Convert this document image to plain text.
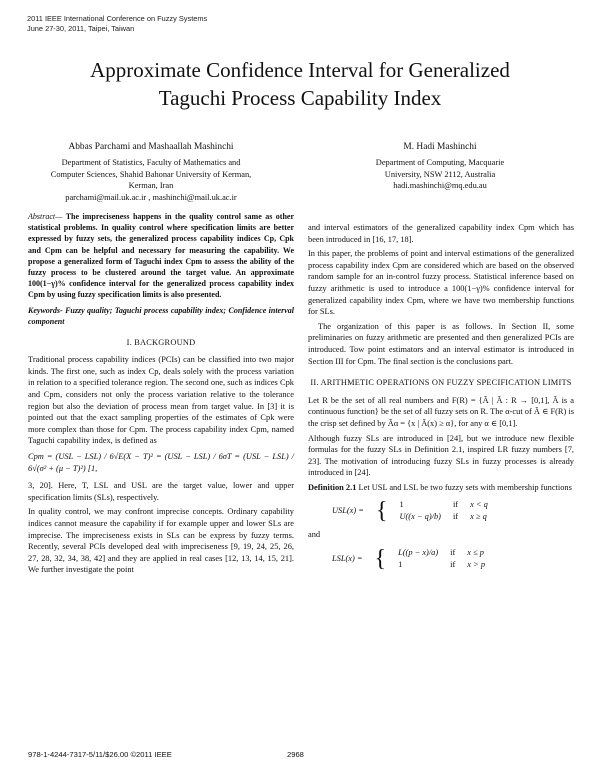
2011 IEEE International Conference on Fuzzy Systems
June 27-30, 2011, Taipei, Taiwan
Approximate Confidence Interval for Generalized
Taguchi Process Capability Index
Abbas Parchami and Mashaallah Mashinchi
Department of Statistics, Faculty of Mathematics and
Computer Sciences, Shahid Bahonar University of Kerman,
Kerman, Iran
parchami@mail.uk.ac.ir , mashinchi@mail.uk.ac.ir
M. Hadi Mashinchi
Department of Computing, Macquarie
University, NSW 2112, Australia
hadi.mashinchi@mq.edu.au

Abstract— The impreciseness happens in the quality control same as other statistical problems. In quality control where specification limits are better expressed by fuzzy sets, the generalized process capability indices Cp, Cpk and Cpm can be helpful and necessary for measuring the capability. We propose a generalized form of Taguchi index Cpm to assess the ability of the fuzzy process to be clustered around the target value. An approximate 100(1−γ)% confidence interval for the generalized process capability index Cpm by using fuzzy specification limits is also presented.

Keywords- Fuzzy quality; Taguchi process capability index; Confidence interval component
I. BACKGROUND

Traditional process capability indices (PCIs) can be classified into two major kinds. The first one, such as index Cp, deals solely with the process variation in relation to a specified tolerance region. The second one, such as indices Cpk and Cpm, considers not only the process variation relative to the tolerance region but also the deviation of process mean from target value. In [3] it is pointed out that the exact sampling properties of the estimates of Cpk were more complex than those for Cpm. The process capability index Cpm, named Taguchi capability index, is defined as

Cpm = (USL − LSL) / 6√E(X − T)² = (USL − LSL) / 6σT = (USL − LSL) / 6√(σ² + (μ − T)²) [1,

3, 20]. Here, T, LSL and USL are the target value, lower and upper specification limits (SLs), respectively.

In quality control, we may confront imprecise concepts. Ordinary capability indices cannot measure the capability if for example upper and lower SLs are imprecise. The impreciseness exists in SLs can be express by fuzzy terms. Recently, several PCIs developed deal with impreciseness [9, 19, 24, 25, 26, 27, 28, 32, 34, 38, 42] and they are applied in real cases [12, 13, 14, 15, 21]. We further investigate the point

and interval estimators of the generalized capability index Cpm which has been introduced in [16, 17, 18].

In this paper, the problems of point and interval estimations of the generalized process capability index Cpm are considered which are based on the observed random sample for an in-control fuzzy process. Statistical inference based on fuzzy arithmetic is used to introduce a 100(1−γ)% confidence interval for generalized capability index Cpm, where we have two membership functions for SLs.

The organization of this paper is as follows. In Section II, some preliminaries on fuzzy arithmetic are presented and then generalized PCIs are introduced. Tow point estimators and an interval estimator is introduced in Section III for Cpm. The final section is the conclusions part.

II. ARITHMETIC OPERATIONS ON FUZZY SPECIFICATION LIMITS

Let R be the set of all real numbers and F(R) = {Ã | Ã : R → [0,1], Ã is a continuous function} be the set of all fuzzy sets on R. The α-cut of Ã ∈ F(R) is the crisp set defined by Ãα = {x | Ã(x) ≥ α}, for any α ∈ [0,1].

Although fuzzy SLs are introduced in [24], but we introduce new flexible formulas for the fuzzy SLs in Definition 2.1, inspired LR fuzzy numbers [7, 23]. The motivation of introducing fuzzy SLs in fuzzy processes is already introduced in [24].

Definition 2.1 Let USL and LSL be two fuzzy sets with membership functions

USL(x) =	{	1	if	x < q
		U((x − q)/b)	if	x ≥ q
and
LSL(x) =	{	L((p − x)/a)	if	x ≤ p
		1	if	x > p
978-1-4244-7317-5/11/$26.00 ©2011 IEEE	2968
